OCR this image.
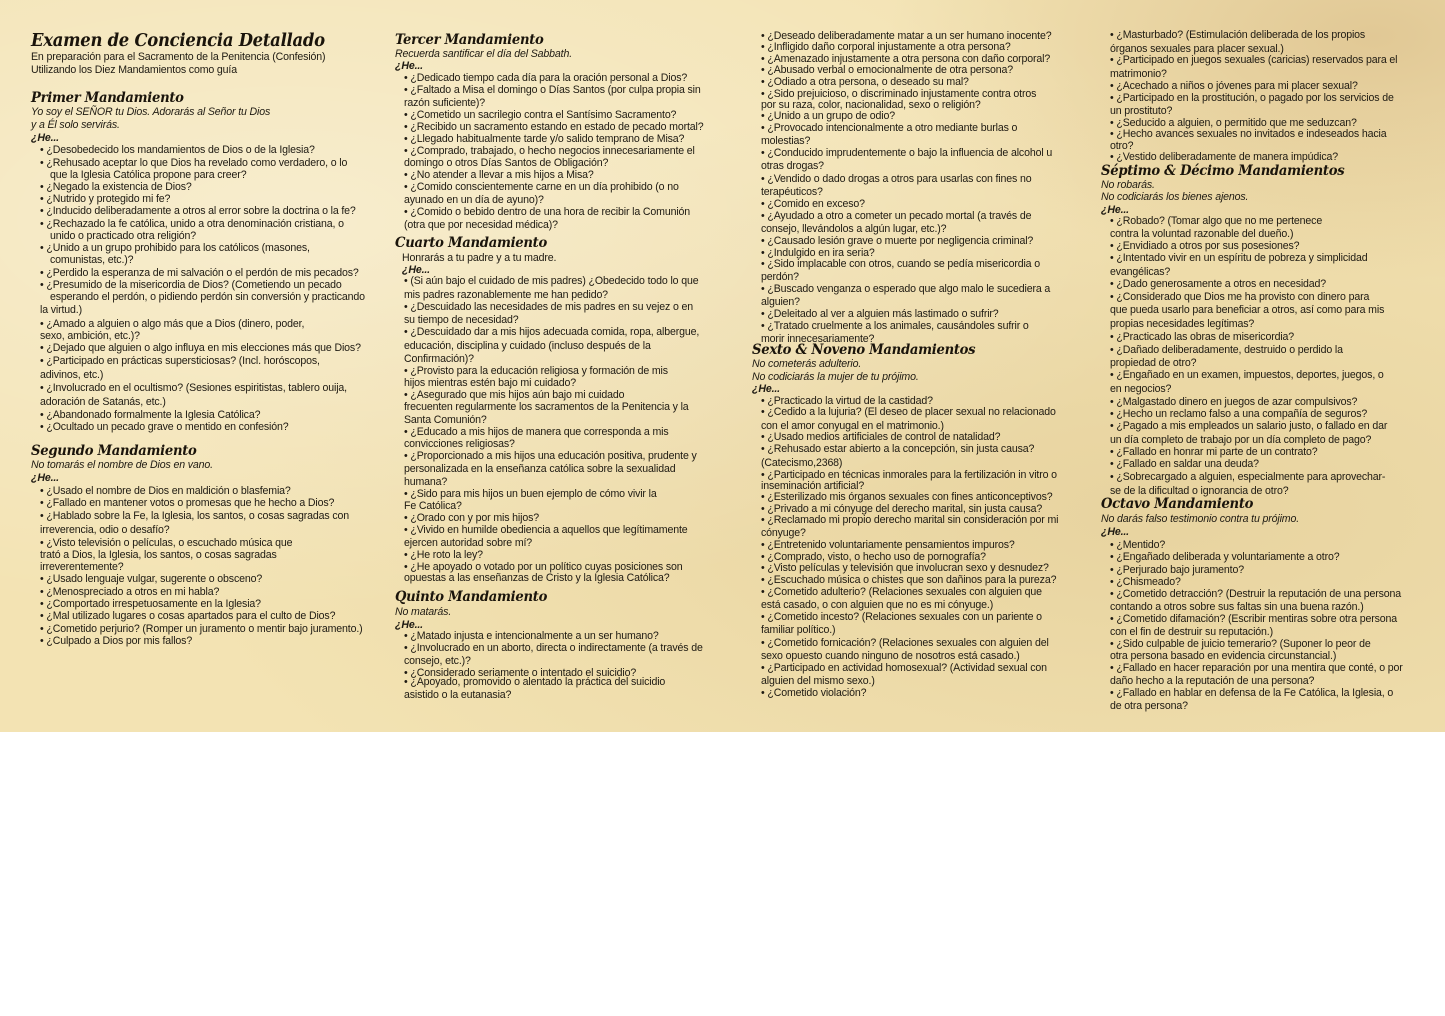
Examen de Conciencia Detallado
En preparación para el Sacramento de la Penitencia (Confesión)
Utilizando los Diez Mandamientos como guía
Primer Mandamiento
Yo soy el SEÑOR tu Dios. Adorarás al Señor tu Dios
y a Él solo servirás.
¿He...
• ¿Desobedecido los mandamientos de Dios o de la Iglesia?
• ¿Rehusado aceptar lo que Dios ha revelado como verdadero, o lo
que la Iglesia Católica propone para creer?
• ¿Negado la existencia de Dios?
• ¿Nutrido y protegido mi fe?
• ¿Inducido deliberadamente a otros al error sobre la doctrina o la fe?
• ¿Rechazado la fe católica, unido a otra denominación cristiana, o
unido o practicado otra religión?
• ¿Unido a un grupo prohibido para los católicos (masones,
comunistas, etc.)?
• ¿Perdido la esperanza de mi salvación o el perdón de mis pecados?
• ¿Presumido de la misericordia de Dios? (Cometiendo un pecado
esperando el perdón, o pidiendo perdón sin conversión y practicando
la virtud.)
• ¿Amado a alguien o algo más que a Dios (dinero, poder,
sexo, ambición, etc.)?
• ¿Dejado que alguien o algo influya en mis elecciones más que Dios?
• ¿Participado en prácticas supersticiosas? (Incl. horóscopos,
adivinos, etc.)
• ¿Involucrado en el ocultismo? (Sesiones espiritistas, tablero ouija,
adoración de Satanás, etc.)
• ¿Abandonado formalmente la Iglesia Católica?
• ¿Ocultado un pecado grave o mentido en confesión?
Segundo Mandamiento
No tomarás el nombre de Dios en vano.
¿He...
• ¿Usado el nombre de Dios en maldición o blasfemia?
• ¿Fallado en mantener votos o promesas que he hecho a Dios?
• ¿Hablado sobre la Fe, la Iglesia, los santos, o cosas sagradas con
irreverencia, odio o desafío?
• ¿Visto televisión o películas, o escuchado música que
trató a Dios, la Iglesia, los santos, o cosas sagradas
irreverentemente?
• ¿Usado lenguaje vulgar, sugerente o obsceno?
• ¿Menospreciado a otros en mi habla?
• ¿Comportado irrespetuosamente en la Iglesia?
• ¿Mal utilizado lugares o cosas apartados para el culto de Dios?
• ¿Cometido perjurio? (Romper un juramento o mentir bajo juramento.)
• ¿Culpado a Dios por mis fallos?
Tercer Mandamiento
Recuerda santificar el día del Sabbath.
¿He...
• ¿Dedicado tiempo cada día para la oración personal a Dios?
• ¿Faltado a Misa el domingo o Días Santos (por culpa propia sin
razón suficiente)?
• ¿Cometido un sacrilegio contra el Santísimo Sacramento?
• ¿Recibido un sacramento estando en estado de pecado mortal?
• ¿Llegado habitualmente tarde y/o salido temprano de Misa?
• ¿Comprado, trabajado, o hecho negocios innecesariamente el
domingo o otros Días Santos de Obligación?
• ¿No atender a llevar a mis hijos a Misa?
• ¿Comido conscientemente carne en un día prohibido (o no
ayunado en un día de ayuno)?
• ¿Comido o bebido dentro de una hora de recibir la Comunión
(otra que por necesidad médica)?
Cuarto Mandamiento
Honrarás a tu padre y a tu madre.
¿He...
• (Si aún bajo el cuidado de mis padres) ¿Obedecido todo lo que
mis padres razonablemente me han pedido?
• ¿Descuidado las necesidades de mis padres en su vejez o en
su tiempo de necesidad?
• ¿Descuidado dar a mis hijos adecuada comida, ropa, albergue,
educación, disciplina y cuidado (incluso después de la
Confirmación)?
• ¿Provisto para la educación religiosa y formación de mis
hijos mientras estén bajo mi cuidado?
• ¿Asegurado que mis hijos aún bajo mi cuidado
frecuenten regularmente los sacramentos de la Penitencia y la
Santa Comunión?
• ¿Educado a mis hijos de manera que corresponda a mis
convicciones religiosas?
• ¿Proporcionado a mis hijos una educación positiva, prudente y
personalizada en la enseñanza católica sobre la sexualidad
humana?
• ¿Sido para mis hijos un buen ejemplo de cómo vivir la
Fe Católica?
• ¿Orado con y por mis hijos?
• ¿Vivido en humilde obediencia a aquellos que legítimamente
ejercen autoridad sobre mí?
• ¿He roto la ley?
• ¿He apoyado o votado por un político cuyas posiciones son
opuestas a las enseñanzas de Cristo y la Iglesia Católica?
Quinto Mandamiento
No matarás.
¿He...
• ¿Matado injusta e intencionalmente a un ser humano?
• ¿Involucrado en un aborto, directa o indirectamente (a través de
consejo, etc.)?
• ¿Considerado seriamente o intentado el suicidio?
• ¿Apoyado, promovido o alentado la práctica del suicidio
asistido o la eutanasia?
• ¿Deseado deliberadamente matar a un ser humano inocente?
• ¿Infligido daño corporal injustamente a otra persona?
• ¿Amenazado injustamente a otra persona con daño corporal?
• ¿Abusado verbal o emocionalmente de otra persona?
• ¿Odiado a otra persona, o deseado su mal?
• ¿Sido prejuicioso, o discriminado injustamente contra otros
por su raza, color, nacionalidad, sexo o religión?
• ¿Unido a un grupo de odio?
• ¿Provocado intencionalmente a otro mediante burlas o
molestias?
• ¿Conducido imprudentemente o bajo la influencia de alcohol u
otras drogas?
• ¿Vendido o dado drogas a otros para usarlas con fines no
terapéuticos?
• ¿Comido en exceso?
• ¿Ayudado a otro a cometer un pecado mortal (a través de
consejo, llevándolos a algún lugar, etc.)?
• ¿Causado lesión grave o muerte por negligencia criminal?
• ¿Indulgido en ira seria?
• ¿Sido implacable con otros, cuando se pedía misericordia o
perdón?
• ¿Buscado venganza o esperado que algo malo le sucediera a
alguien?
• ¿Deleitado al ver a alguien más lastimado o sufrir?
• ¿Tratado cruelmente a los animales, causándoles sufrir o
morir innecesariamente?
Sexto & Noveno Mandamientos
No cometerás adulterio.
No codiciarás la mujer de tu prójimo.
¿He...
• ¿Practicado la virtud de la castidad?
• ¿Cedido a la lujuria? (El deseo de placer sexual no relacionado
con el amor conyugal en el matrimonio.)
• ¿Usado medios artificiales de control de natalidad?
• ¿Rehusado estar abierto a la concepción, sin justa causa?
(Catecismo,2368)
• ¿Participado en técnicas inmorales para la fertilización in vitro o
inseminación artificial?
• ¿Esterilizado mis órganos sexuales con fines anticonceptivos?
• ¿Privado a mi cónyuge del derecho marital, sin justa causa?
• ¿Reclamado mi propio derecho marital sin consideración por mi
cónyuge?
• ¿Entretenido voluntariamente pensamientos impuros?
• ¿Comprado, visto, o hecho uso de pornografía?
• ¿Visto películas y televisión que involucran sexo y desnudez?
• ¿Escuchado música o chistes que son dañinos para la pureza?
• ¿Cometido adulterio? (Relaciones sexuales con alguien que
está casado, o con alguien que no es mi cónyuge.)
• ¿Cometido incesto? (Relaciones sexuales con un pariente o
familiar político.)
• ¿Cometido fornicación? (Relaciones sexuales con alguien del
sexo opuesto cuando ninguno de nosotros está casado.)
• ¿Participado en actividad homosexual? (Actividad sexual con
alguien del mismo sexo.)
• ¿Cometido violación?
• ¿Masturbado? (Estimulación deliberada de los propios
órganos sexuales para placer sexual.)
• ¿Participado en juegos sexuales (caricias) reservados para el
matrimonio?
• ¿Acechado a niños o jóvenes para mi placer sexual?
• ¿Participado en la prostitución, o pagado por los servicios de
un prostituto?
• ¿Seducido a alguien, o permitido que me seduzcan?
• ¿Hecho avances sexuales no invitados e indeseados hacia
otro?
• ¿Vestido deliberadamente de manera impúdica?
Séptimo & Décimo Mandamientos
No robarás.
No codiciarás los bienes ajenos.
¿He...
• ¿Robado? (Tomar algo que no me pertenece
contra la voluntad razonable del dueño.)
• ¿Envidiado a otros por sus posesiones?
• ¿Intentado vivir en un espíritu de pobreza y simplicidad
evangélicas?
• ¿Dado generosamente a otros en necesidad?
• ¿Considerado que Dios me ha provisto con dinero para
que pueda usarlo para beneficiar a otros, así como para mis
propias necesidades legítimas?
• ¿Practicado las obras de misericordia?
• ¿Dañado deliberadamente, destruido o perdido la
propiedad de otro?
• ¿Engañado en un examen, impuestos, deportes, juegos, o
en negocios?
• ¿Malgastado dinero en juegos de azar compulsivos?
• ¿Hecho un reclamo falso a una compañía de seguros?
• ¿Pagado a mis empleados un salario justo, o fallado en dar
un día completo de trabajo por un día completo de pago?
• ¿Fallado en honrar mi parte de un contrato?
• ¿Fallado en saldar una deuda?
• ¿Sobrecargado a alguien, especialmente para aprovechar-
se de la dificultad o ignorancia de otro?
Octavo Mandamiento
No darás falso testimonio contra tu prójimo.
¿He...
• ¿Mentido?
• ¿Engañado deliberada y voluntariamente a otro?
• ¿Perjurado bajo juramento?
• ¿Chismeado?
• ¿Cometido detracción? (Destruir la reputación de una persona
contando a otros sobre sus faltas sin una buena razón.)
• ¿Cometido difamación? (Escribir mentiras sobre otra persona
con el fin de destruir su reputación.)
• ¿Sido culpable de juicio temerario? (Suponer lo peor de
otra persona basado en evidencia circunstancial.)
• ¿Fallado en hacer reparación por una mentira que conté, o por
daño hecho a la reputación de una persona?
• ¿Fallado en hablar en defensa de la Fe Católica, la Iglesia, o
de otra persona?
